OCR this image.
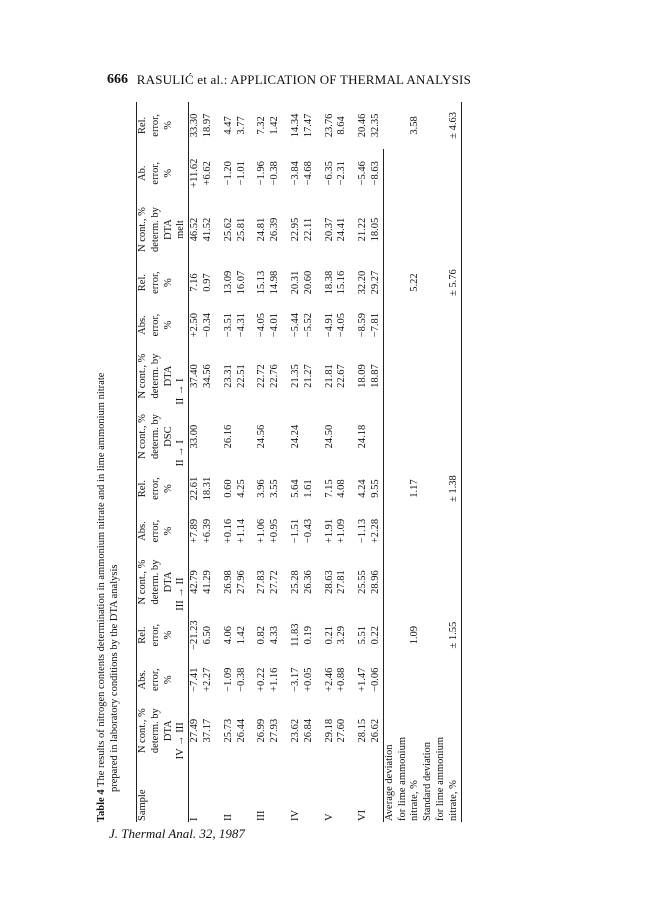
666 RASULIĆ et al.: APPLICATION OF THERMAL ANALYSIS
Table 4 The results of nitrogen contents determination in ammonium nitrate and in lime ammonium nitrate prepared in laboratory conditions by the DTA analysis
Sample	N cont., %	Abs.	Rel.	N cont., %	Abs.	Rel.	N cont., %	N cont., %	Abs.	Rel.	N cont., %	Ab.	Rel.
	determ. by	error,	error,	determ. by	error,	error,	determ. by	determ. by	error,	error,	determ. by	error,	error,
	DTA	%	%	DTA	%	%	DSC	DTA	%	%	DTA	%	%
	IV → III			III → II			II → I	II → I			melt		
I	27.49	−7.41	−21.23	42.79	+7.89	22.61	33.00	37.40	+2.50	7.16	46.52	+11.62	33.30
	37.17	+2.27	6.50	41.29	+6.39	18.31		34.56	−0.34	0.97	41.52	+6.62	18.97

II	25.73	−1.09	4.06	26.98	+0.16	0.60	26.16	23.31	−3.51	13.09	25.62	−1.20	4.47
	26.44	−0.38	1.42	27.96	+1.14	4.25		22.51	−4.31	16.07	25.81	−1.01	3.77

III	26.99	+0.22	0.82	27.83	+1.06	3.96	24.56	22.72	−4.05	15.13	24.81	−1.96	7.32
	27.93	+1.16	4.33	27.72	+0.95	3.55		22.76	−4.01	14.98	26.39	−0.38	1.42

IV	23.62	−3.17	11.83	25.28	−1.51	5.64	24.24	21.35	−5.44	20.31	22.95	−3.84	14.34
	26.84	+0.05	0.19	26.36	−0.43	1.61		21.27	−5.52	20.60	22.11	−4.68	17.47

V	29.18	+2.46	0.21	28.63	+1.91	7.15	24.50	21.81	−4.91	18.38	20.37	−6.35	23.76
	27.60	+0.88	3.29	27.81	+1.09	4.08		22.67	−4.05	15.16	24.41	−2.31	8.64

VI	28.15	+1.47	5.51	25.55	−1.13	4.24	24.18	18.09	−8.59	32.20	21.22	−5.46	20.46
	26.62	−0.06	0.22	28.96	+2.28	9.55		18.87	−7.81	29.27	18.05	−8.63	32.35
Average deviation													
for lime ammonium													
nitrate, %			1.09			1.17				5.22			3.58
Standard deviation													
for lime ammonium													
nitrate, %			± 1.55			± 1.38				± 5.76			± 4.63
J. Thermal Anal. 32, 1987
